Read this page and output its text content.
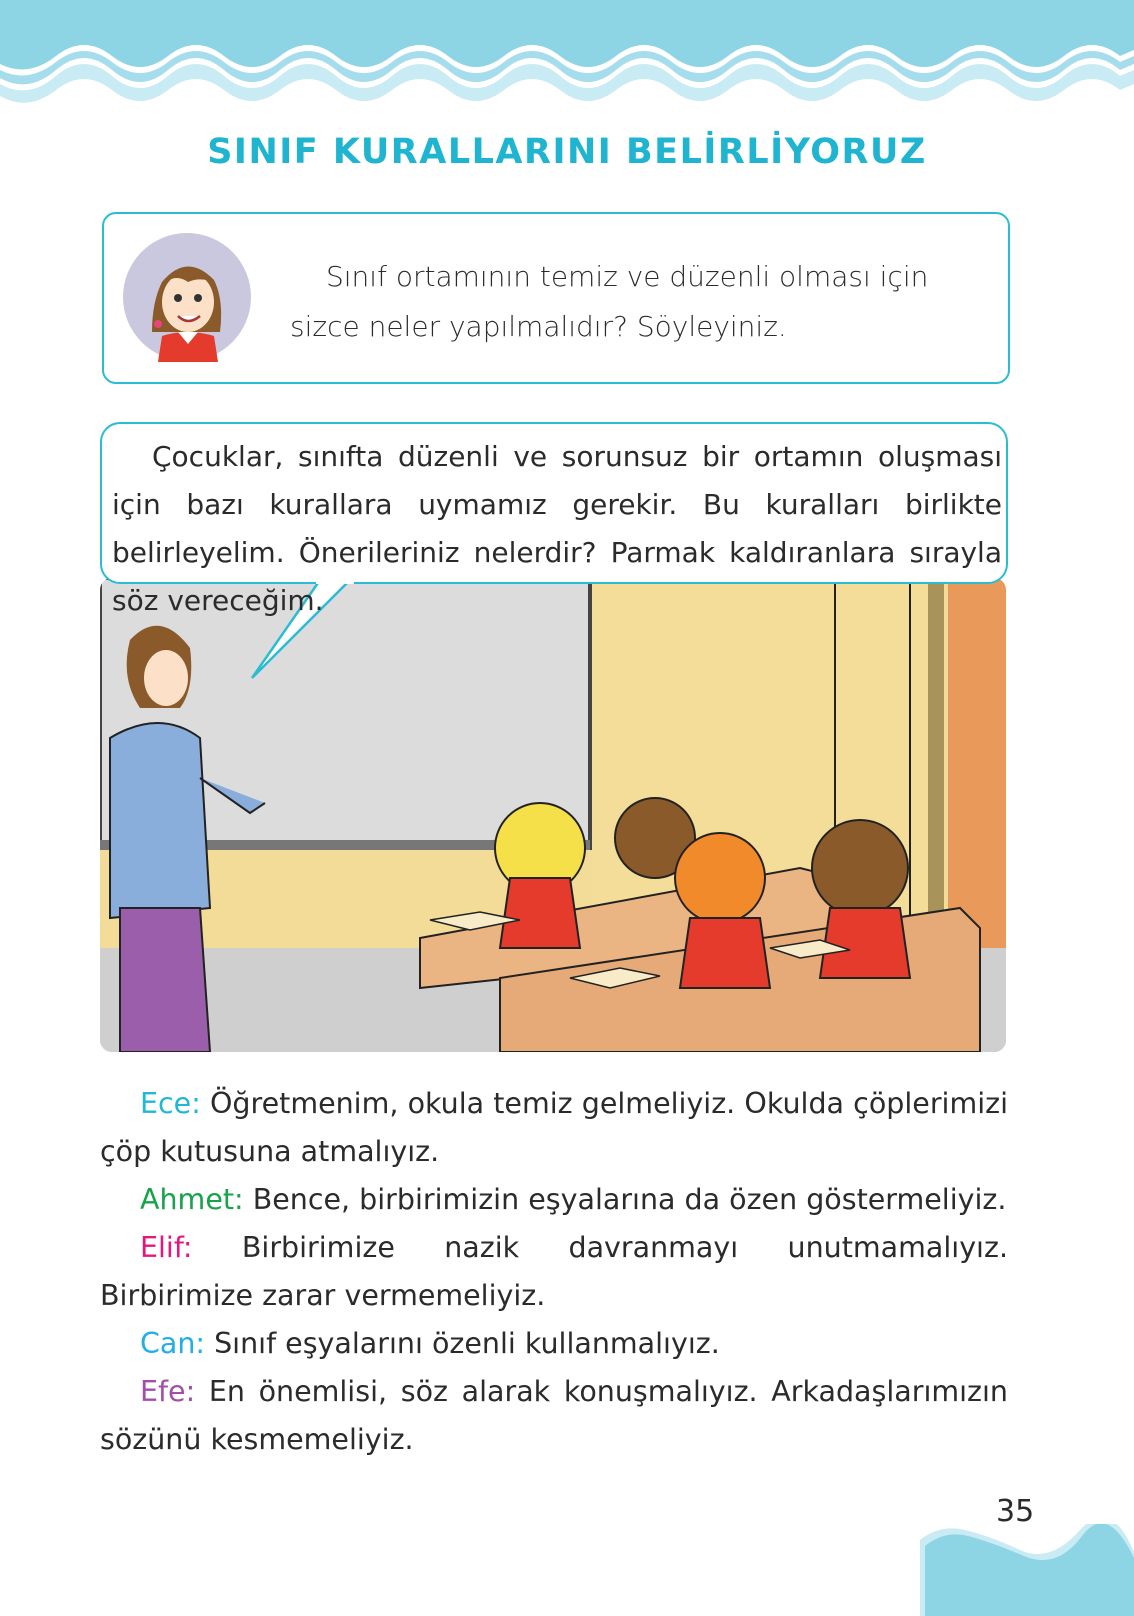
SINIF KURALLARINI BELİRLİYORUZ
Sınıf ortamının temiz ve düzenli olması için sizce neler yapılmalıdır? Söyleyiniz.
Çocuklar, sınıfta düzenli ve sorunsuz bir ortamın oluşması için bazı kurallara uymamız gerekir. Bu kuralları birlikte belirleyelim. Önerileriniz nelerdir? Parmak kaldıranlara sırayla söz vereceğim.
Ece: Öğretmenim, okula temiz gelmeliyiz. Okulda çöplerimizi çöp kutusuna atmalıyız.
Ahmet: Bence, birbirimizin eşyalarına da özen göstermeliyiz.
Elif: Birbirimize nazik davranmayı unutmamalıyız. Birbirimize zarar vermemeliyiz.
Can: Sınıf eşyalarını özenli kullanmalıyız.
Efe: En önemlisi, söz alarak konuşmalıyız. Arkadaşlarımızın sözünü kesmemeliyiz.
35
